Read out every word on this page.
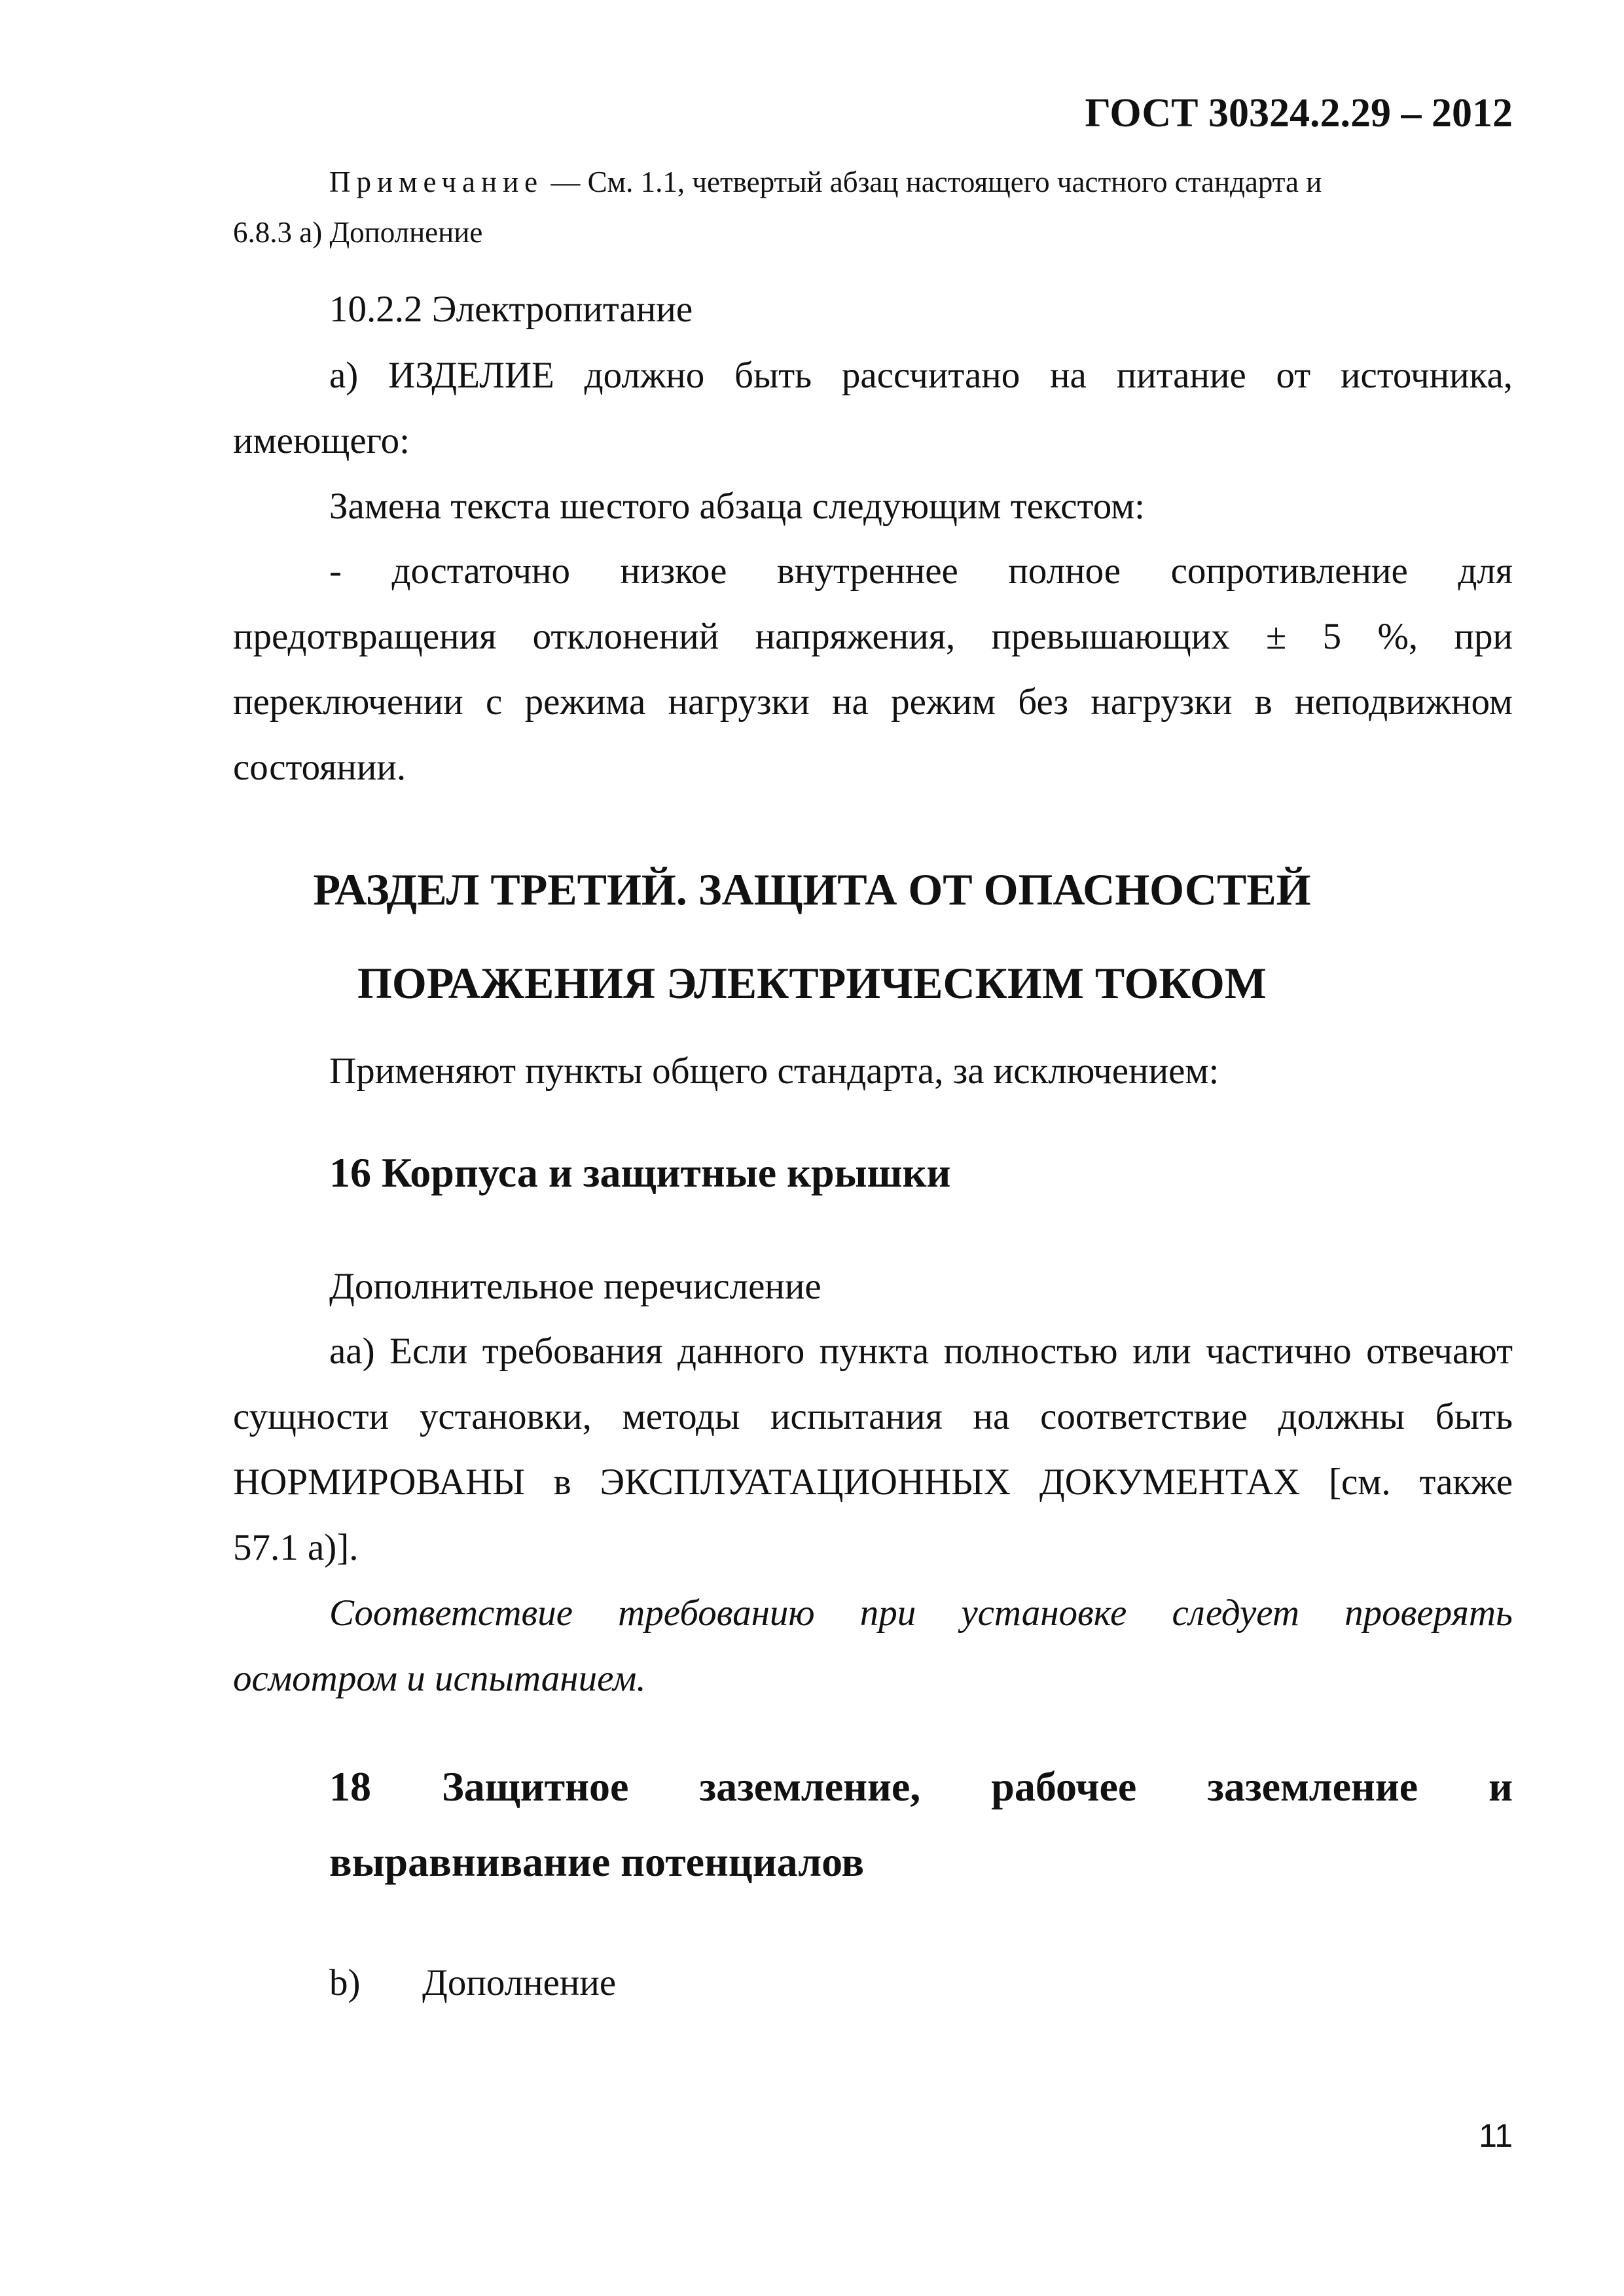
ГОСТ 30324.2.29 – 2012
Примечание — См. 1.1, четвертый абзац настоящего частного стандарта и
6.8.3 а) Дополнение
10.2.2 Электропитание
а) ИЗДЕЛИЕ должно быть рассчитано на питание от источника,
имеющего:
Замена текста шестого абзаца следующим текстом:
- достаточно низкое внутреннее полное сопротивление для
предотвращения отклонений напряжения, превышающих ± 5 %, при
переключении с режима нагрузки на режим без нагрузки в неподвижном
состоянии.
РАЗДЕЛ ТРЕТИЙ. ЗАЩИТА ОТ ОПАСНОСТЕЙ
ПОРАЖЕНИЯ ЭЛЕКТРИЧЕСКИМ ТОКОМ
Применяют пункты общего стандарта, за исключением:
16 Корпуса и защитные крышки
Дополнительное перечисление
аа) Если требования данного пункта полностью или частично отвечают
сущности установки, методы испытания на соответствие должны быть
НОРМИРОВАНЫ в ЭКСПЛУАТАЦИОННЫХ ДОКУМЕНТАХ [см. также
57.1 а)].
Соответствие требованию при установке следует проверять
осмотром и испытанием.
18 Защитное заземление, рабочее заземление и
выравнивание потенциалов
b) Дополнение
11
